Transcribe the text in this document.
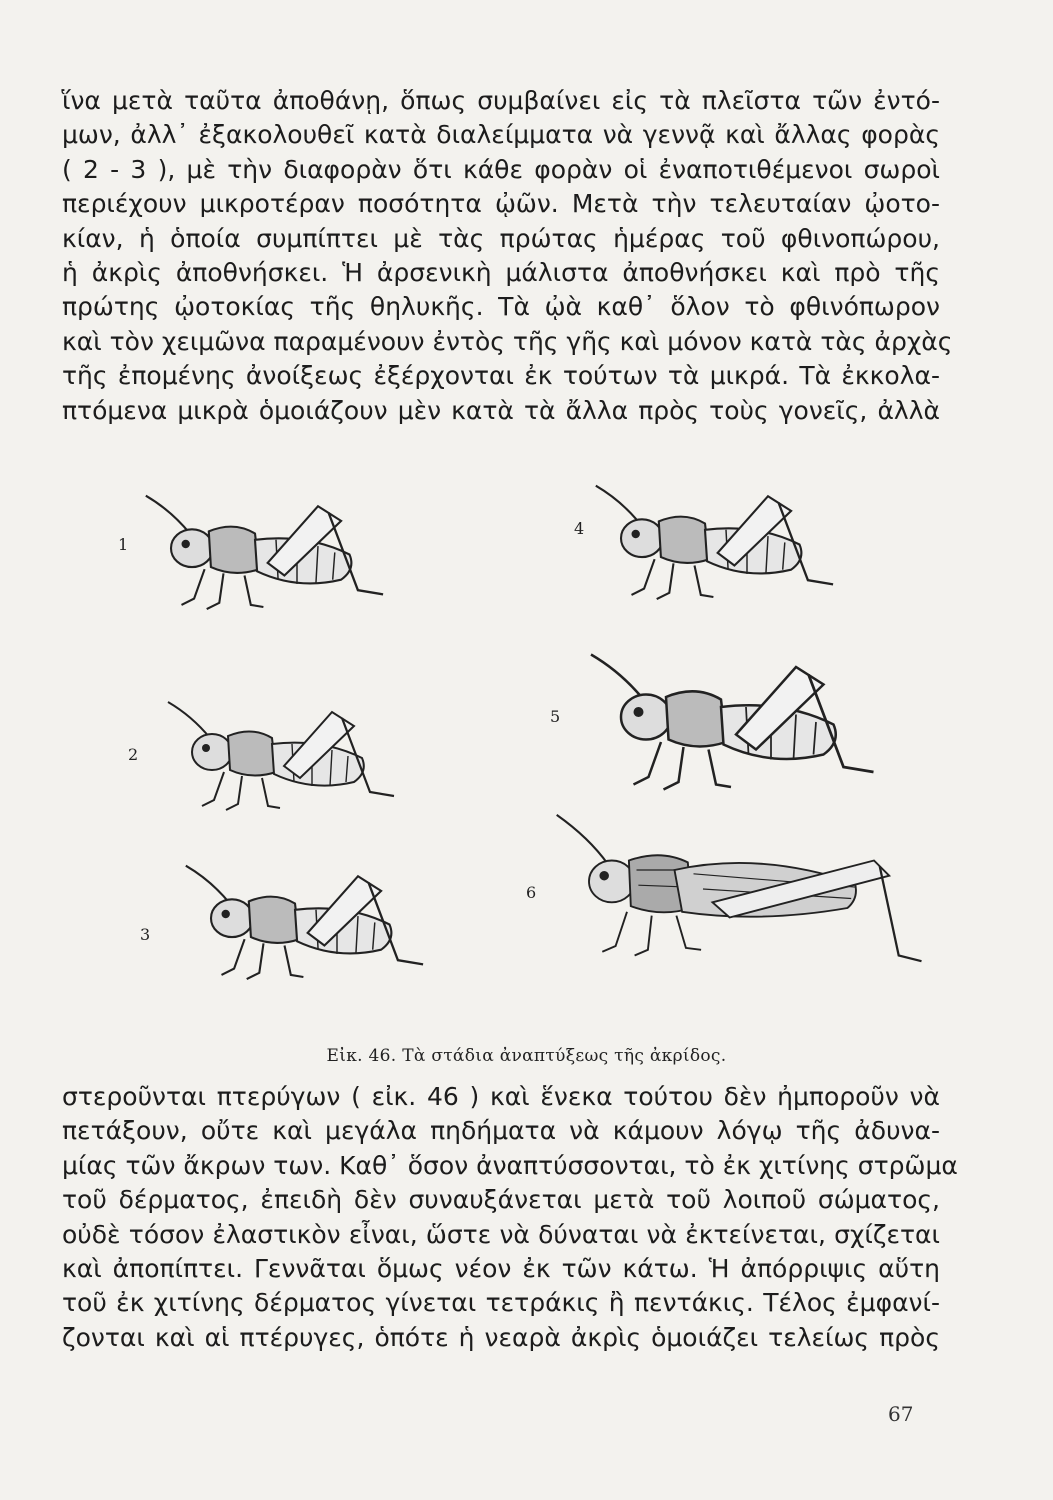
ἵνα μετὰ ταῦτα ἀποθάνῃ, ὅπως συμβαίνει εἰς τὰ πλεῖστα τῶν ἐντό-
μων, ἀλλ᾽ ἐξακολουθεῖ κατὰ διαλείμματα νὰ γεννᾷ καὶ ἄλλας φορὰς
( 2 - 3 ), μὲ τὴν διαφορὰν ὅτι κάθε φορὰν οἱ ἐναποτιθέμενοι σωροὶ
περιέχουν μικροτέραν ποσότητα ᾠῶν. Μετὰ τὴν τελευταίαν ᾠοτο-
κίαν, ἡ ὁποία συμπίπτει μὲ τὰς πρώτας ἡμέρας τοῦ φθινοπώρου,
ἡ ἀκρὶς ἀποθνήσκει. Ἡ ἀρσενικὴ μάλιστα ἀποθνήσκει καὶ πρὸ τῆς
πρώτης ᾠοτοκίας τῆς θηλυκῆς. Τὰ ᾠὰ καθ᾽ ὅλον τὸ φθινόπωρον
καὶ τὸν χειμῶνα παραμένουν ἐντὸς τῆς γῆς καὶ μόνον κατὰ τὰς ἀρχὰς
τῆς ἐπομένης ἀνοίξεως ἐξέρχονται ἐκ τούτων τὰ μικρά. Τὰ ἐκκολα-
πτόμενα μικρὰ ὁμοιάζουν μὲν κατὰ τὰ ἄλλα πρὸς τοὺς γονεῖς, ἀλλὰ
1
2
3
4
5
6
Εἰκ. 46. Τὰ στάδια ἀναπτύξεως τῆς ἀκρίδος.
στεροῦνται πτερύγων ( εἰκ. 46 ) καὶ ἕνεκα τούτου δὲν ἠμποροῦν νὰ
πετάξουν, οὔτε καὶ μεγάλα πηδήματα νὰ κάμουν λόγῳ τῆς ἀδυνα-
μίας τῶν ἄκρων των. Καθ᾽ ὅσον ἀναπτύσσονται, τὸ ἐκ χιτίνης στρῶμα
τοῦ δέρματος, ἐπειδὴ δὲν συναυξάνεται μετὰ τοῦ λοιποῦ σώματος,
οὐδὲ τόσον ἐλαστικὸν εἶναι, ὥστε νὰ δύναται νὰ ἐκτείνεται, σχίζεται
καὶ ἀποπίπτει. Γεννᾶται ὅμως νέον ἐκ τῶν κάτω. Ἡ ἀπόρριψις αὕτη
τοῦ ἐκ χιτίνης δέρματος γίνεται τετράκις ἢ πεντάκις. Τέλος ἐμφανί-
ζονται καὶ αἱ πτέρυγες, ὁπότε ἡ νεαρὰ ἀκρὶς ὁμοιάζει τελείως πρὸς
67
